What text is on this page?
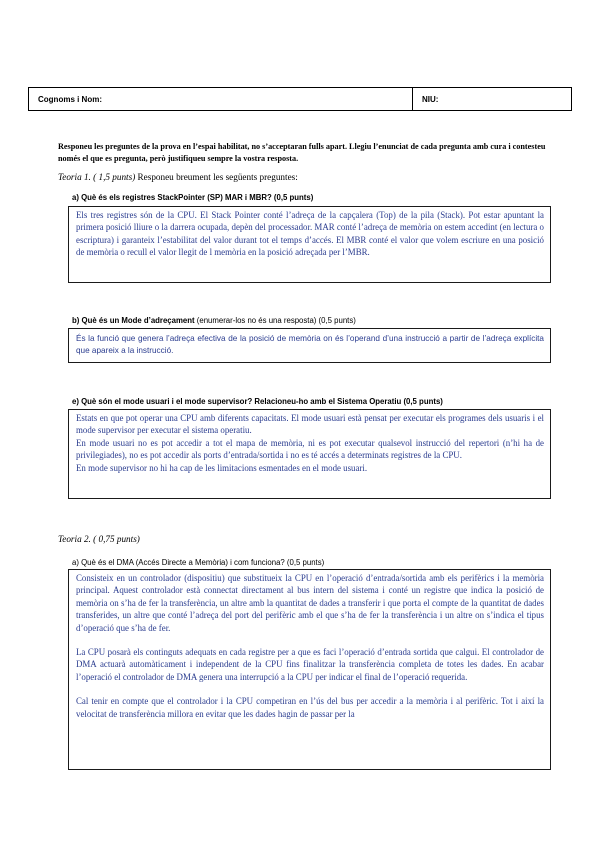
Cognoms i Nom:	NIU:
Responeu les preguntes de la prova en l’espai habilitat, no s’acceptaran fulls apart. Llegiu l’enunciat de cada pregunta amb cura i contesteu només el que es pregunta, però justifiqueu sempre la vostra resposta.
Teoria 1. ( 1,5 punts) Responeu breument les següents preguntes:
a) Què és els registres StackPointer (SP) MAR i MBR? (0,5 punts)

Els tres registres són de la CPU. El Stack Pointer conté l’adreça de la capçalera (Top) de la pila (Stack). Pot estar apuntant la primera posició lliure o la darrera ocupada, depèn del processador. MAR conté l’adreça de memòria on estem accedint (en lectura o escriptura) i garanteix l’estabilitat del valor durant tot el temps d’accés. El MBR conté el valor que volem escriure en una posició de memòria o recull el valor llegit de l memòria en la posició adreçada per l’MBR.

b) Què és un Mode d’adreçament (enumerar-los no és una resposta) (0,5 punts)

És la funció que genera l’adreça efectiva de la posició de memòria on és l’operand d’una instrucció a partir de l’adreça explícita que apareix a la instrucció.

e) Què són el mode usuari i el mode supervisor? Relacioneu-ho amb el Sistema Operatiu (0,5 punts)

Estats en que pot operar una CPU amb diferents capacitats. El mode usuari està pensat per executar els programes dels usuaris i el mode supervisor per executar el sistema operatiu.

En mode usuari no es pot accedir a tot el mapa de memòria, ni es pot executar qualsevol instrucció del repertori (n’hi ha de privilegiades), no es pot accedir als ports d’entrada/sortida i no es té accés a determinats registres de la CPU.

En mode supervisor no hi ha cap de les limitacions esmentades en el mode usuari.

Teoria 2. ( 0,75 punts)
a) Què és el DMA (Accés Directe a Memòria) i com funciona? (0,5 punts)

Consisteix en un controlador (dispositiu) que substitueix la CPU en l’operació d’entrada/sortida amb els perifèrics i la memòria principal. Aquest controlador està connectat directament al bus intern del sistema i conté un registre que indica la posició de memòria on s’ha de fer la transferència, un altre amb la quantitat de dades a transferir i que porta el compte de la quantitat de dades transferides, un altre que conté l’adreça del port del perifèric amb el que s’ha de fer la transferència i un altre on s’indica el tipus d’operació que s’ha de fer.

La CPU posarà els continguts adequats en cada registre per a que es faci l’operació d’entrada sortida que calgui. El controlador de DMA actuarà automàticament i independent de la CPU fins finalitzar la transferència completa de totes les dades. En acabar l’operació el controlador de DMA genera una interrupció a la CPU per indicar el final de l’operació requerida.

Cal tenir en compte que el controlador i la CPU competiran en l’ús del bus per accedir a la memòria i al perifèric. Tot i així la velocitat de transferència millora en evitar que les dades hagin de passar per la
